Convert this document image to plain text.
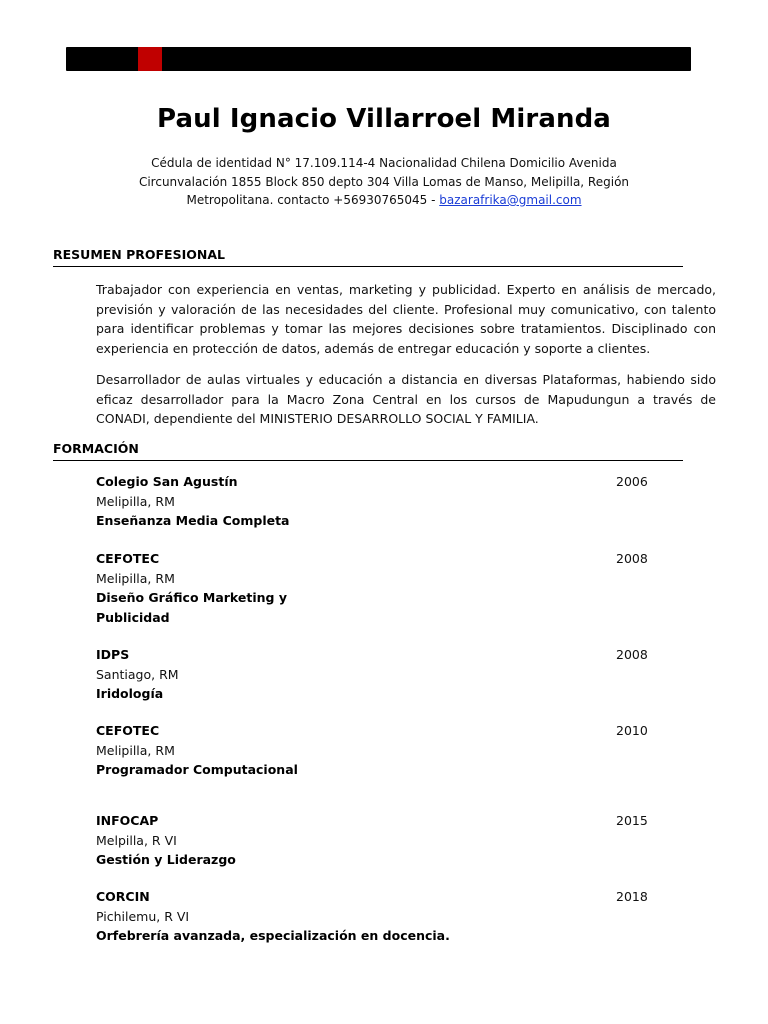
Paul Ignacio Villarroel Miranda
Cédula de identidad N° 17.109.114-4 Nacionalidad Chilena Domicilio Avenida Circunvalación 1855 Block 850 depto 304 Villa Lomas de Manso, Melipilla, Región Metropolitana. contacto +56930765045 - bazarafrika@gmail.com
RESUMEN PROFESIONAL
Trabajador con experiencia en ventas, marketing y publicidad. Experto en análisis de mercado, previsión y valoración de las necesidades del cliente. Profesional muy comunicativo, con talento para identificar problemas y tomar las mejores decisiones sobre tratamientos. Disciplinado con experiencia en protección de datos, además de entregar educación y soporte a clientes.
Desarrollador de aulas virtuales y educación a distancia en diversas Plataformas, habiendo sido eficaz desarrollador para la Macro Zona Central en los cursos de Mapudungun a través de CONADI, dependiente del MINISTERIO DESARROLLO SOCIAL Y FAMILIA.
FORMACIÓN
Colegio San Agustín
Melipilla, RM
Enseñanza Media Completa
2006
CEFOTEC
Melipilla, RM
Diseño Gráfico Marketing y Publicidad
2008
IDPS
Santiago, RM
Iridología
2008
CEFOTEC
Melipilla, RM
Programador Computacional
2010
INFOCAP
Melpilla, R VI
Gestión y Liderazgo
2015
CORCIN
Pichilemu, R VI
Orfebrería avanzada, especialización en docencia.
2018
